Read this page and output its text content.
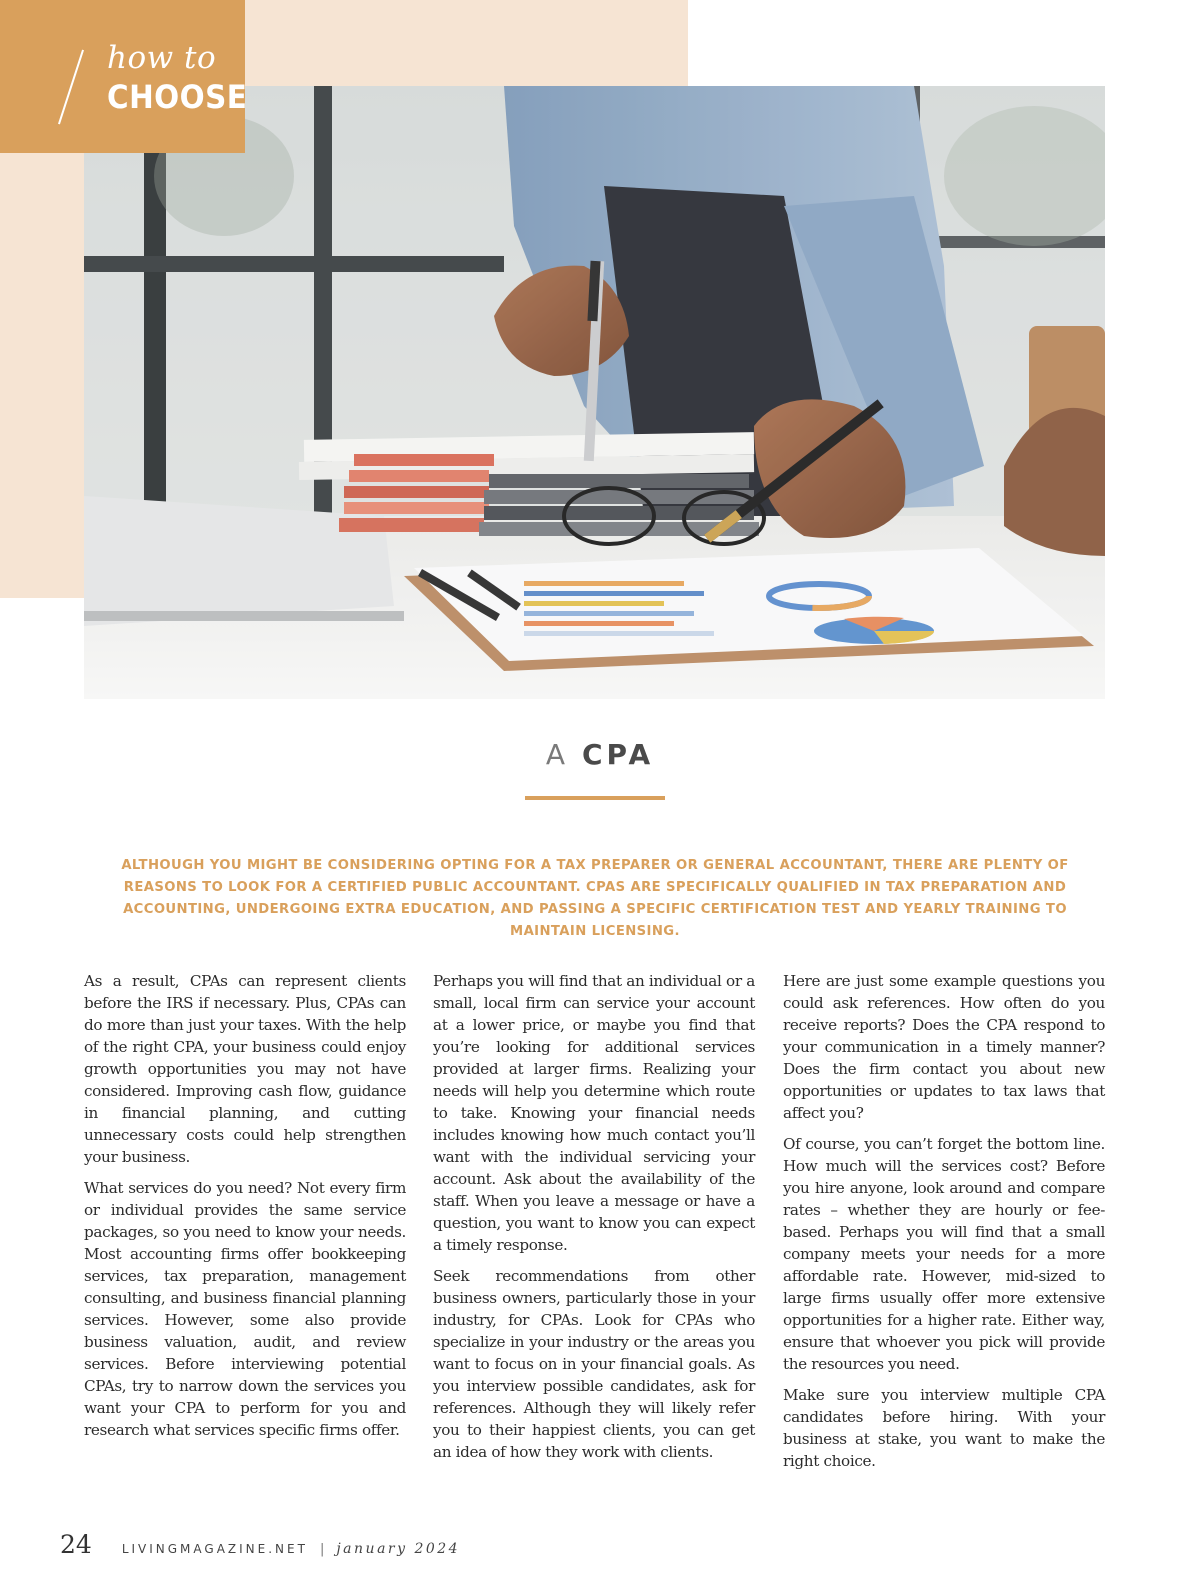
how to
CHOOSE
A CPA
ALTHOUGH YOU MIGHT BE CONSIDERING OPTING FOR A TAX PREPARER OR GENERAL ACCOUNTANT, THERE ARE PLENTY OF REASONS TO LOOK FOR A CERTIFIED PUBLIC ACCOUNTANT. CPAS ARE SPECIFICALLY QUALIFIED IN TAX PREPARATION AND ACCOUNTING, UNDERGOING EXTRA EDUCATION, AND PASSING A SPECIFIC CERTIFICATION TEST AND YEARLY TRAINING TO MAINTAIN LICENSING.

As a result, CPAs can represent clients before the IRS if necessary. Plus, CPAs can do more than just your taxes. With the help of the right CPA, your business could enjoy growth opportunities you may not have considered. Improving cash flow, guidance in financial planning, and cutting unnecessary costs could help strengthen your business.

What services do you need? Not every firm or individual provides the same service packages, so you need to know your needs. Most accounting firms offer bookkeeping services, tax preparation, management consulting, and business financial planning services. However, some also provide business valuation, audit, and review services. Before interviewing potential CPAs, try to narrow down the services you want your CPA to perform for you and research what services specific firms offer.

Perhaps you will find that an individual or a small, local firm can service your account at a lower price, or maybe you find that you’re looking for additional services provided at larger firms. Realizing your needs will help you determine which route to take. Knowing your financial needs includes knowing how much contact you’ll want with the individual servicing your account. Ask about the availability of the staff. When you leave a message or have a question, you want to know you can expect a timely response.

Seek recommendations from other business owners, particularly those in your industry, for CPAs. Look for CPAs who specialize in your industry or the areas you want to focus on in your financial goals. As you interview possible candidates, ask for references. Although they will likely refer you to their happiest clients, you can get an idea of how they work with clients.

Here are just some example questions you could ask references. How often do you receive reports? Does the CPA respond to your communication in a timely manner? Does the firm contact you about new opportunities or updates to tax laws that affect you?

Of course, you can’t forget the bottom line. How much will the services cost? Before you hire anyone, look around and compare rates – whether they are hourly or fee-based. Perhaps you will find that a small company meets your needs for a more affordable rate. However, mid-sized to large firms usually offer more extensive opportunities for a higher rate. Either way, ensure that whoever you pick will provide the resources you need.

Make sure you interview multiple CPA candidates before hiring. With your business at stake, you want to make the right choice.

24	LIVINGMAGAZINE.NET | january 2024
